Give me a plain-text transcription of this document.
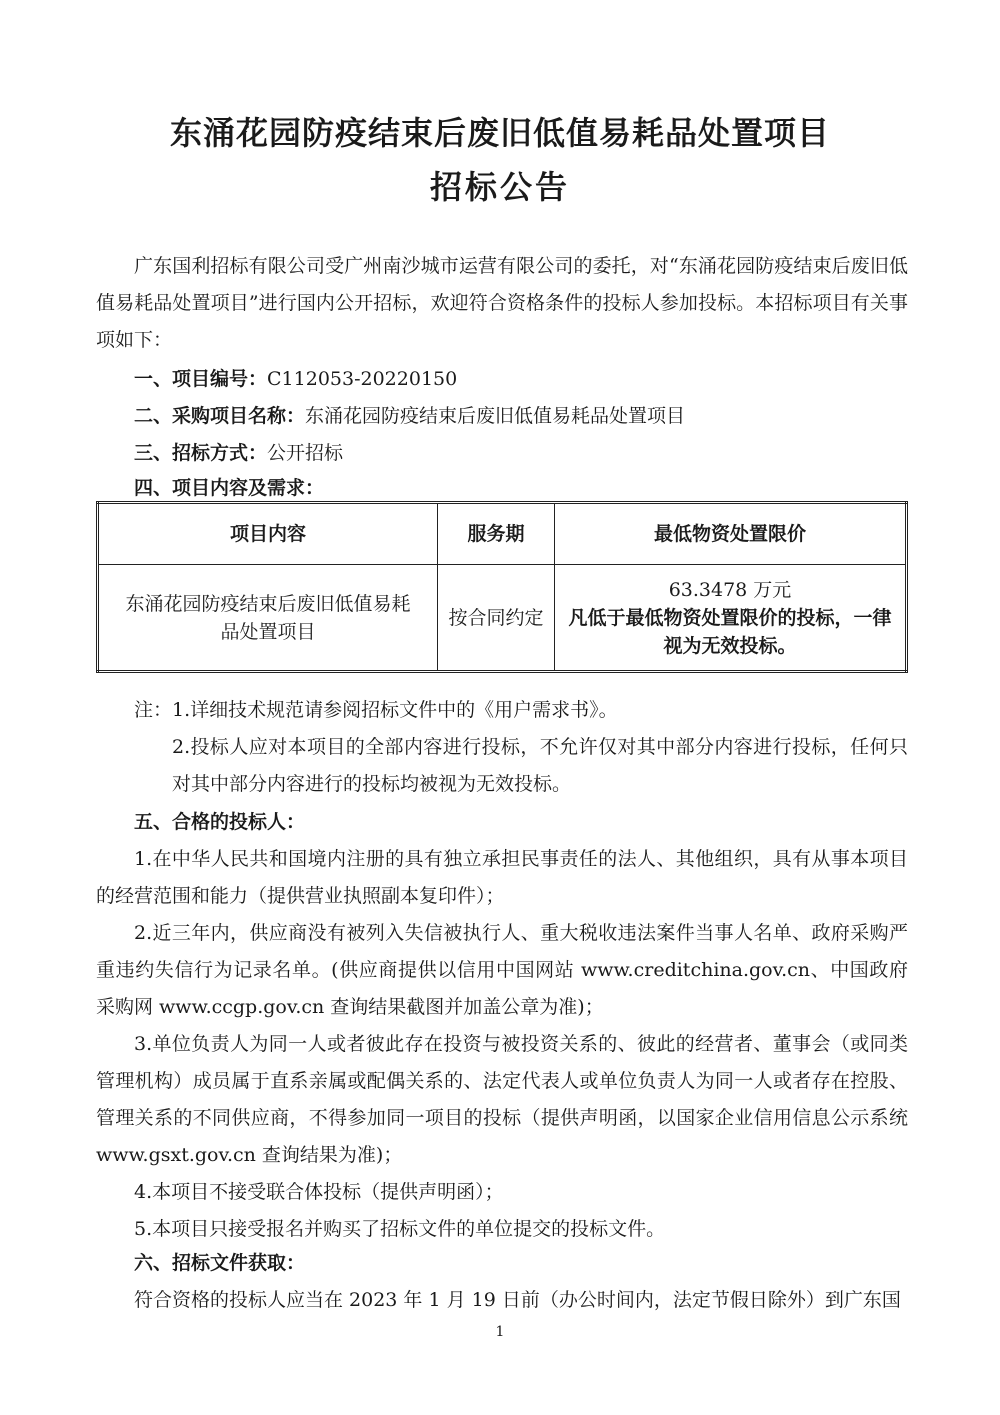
东涌花园防疫结束后废旧低值易耗品处置项目
招标公告

广东国利招标有限公司受广州南沙城市运营有限公司的委托，对“东涌花园防疫结束后废旧低值易耗品处置项目”进行国内公开招标，欢迎符合资格条件的投标人参加投标。本招标项目有关事项如下：

一、项目编号：C112053-20220150

二、采购项目名称：东涌花园防疫结束后废旧低值易耗品处置项目

三、招标方式：公开招标

四、项目内容及需求：

项目内容	服务期	最低物资处置限价
东涌花园防疫结束后废旧低值易耗品处置项目	按合同约定	63.3478 万元
凡低于最低物资处置限价的投标，一律视为无效投标。

注：1.详细技术规范请参阅招标文件中的《用户需求书》。

2.投标人应对本项目的全部内容进行投标，不允许仅对其中部分内容进行投标，任何只对其中部分内容进行的投标均被视为无效投标。

五、合格的投标人：

1.在中华人民共和国境内注册的具有独立承担民事责任的法人、其他组织，具有从事本项目的经营范围和能力（提供营业执照副本复印件）；

2.近三年内，供应商没有被列入失信被执行人、重大税收违法案件当事人名单、政府采购严重违约失信行为记录名单。(供应商提供以信用中国网站 www.creditchina.gov.cn、中国政府采购网 www.ccgp.gov.cn 查询结果截图并加盖公章为准)；

3.单位负责人为同一人或者彼此存在投资与被投资关系的、彼此的经营者、董事会（或同类管理机构）成员属于直系亲属或配偶关系的、法定代表人或单位负责人为同一人或者存在控股、管理关系的不同供应商，不得参加同一项目的投标（提供声明函，以国家企业信用信息公示系统 www.gsxt.gov.cn 查询结果为准)；

4.本项目不接受联合体投标（提供声明函）；

5.本项目只接受报名并购买了招标文件的单位提交的投标文件。

六、招标文件获取：

符合资格的投标人应当在 2023 年 1 月 19 日前（办公时间内，法定节假日除外）到广东国

1
